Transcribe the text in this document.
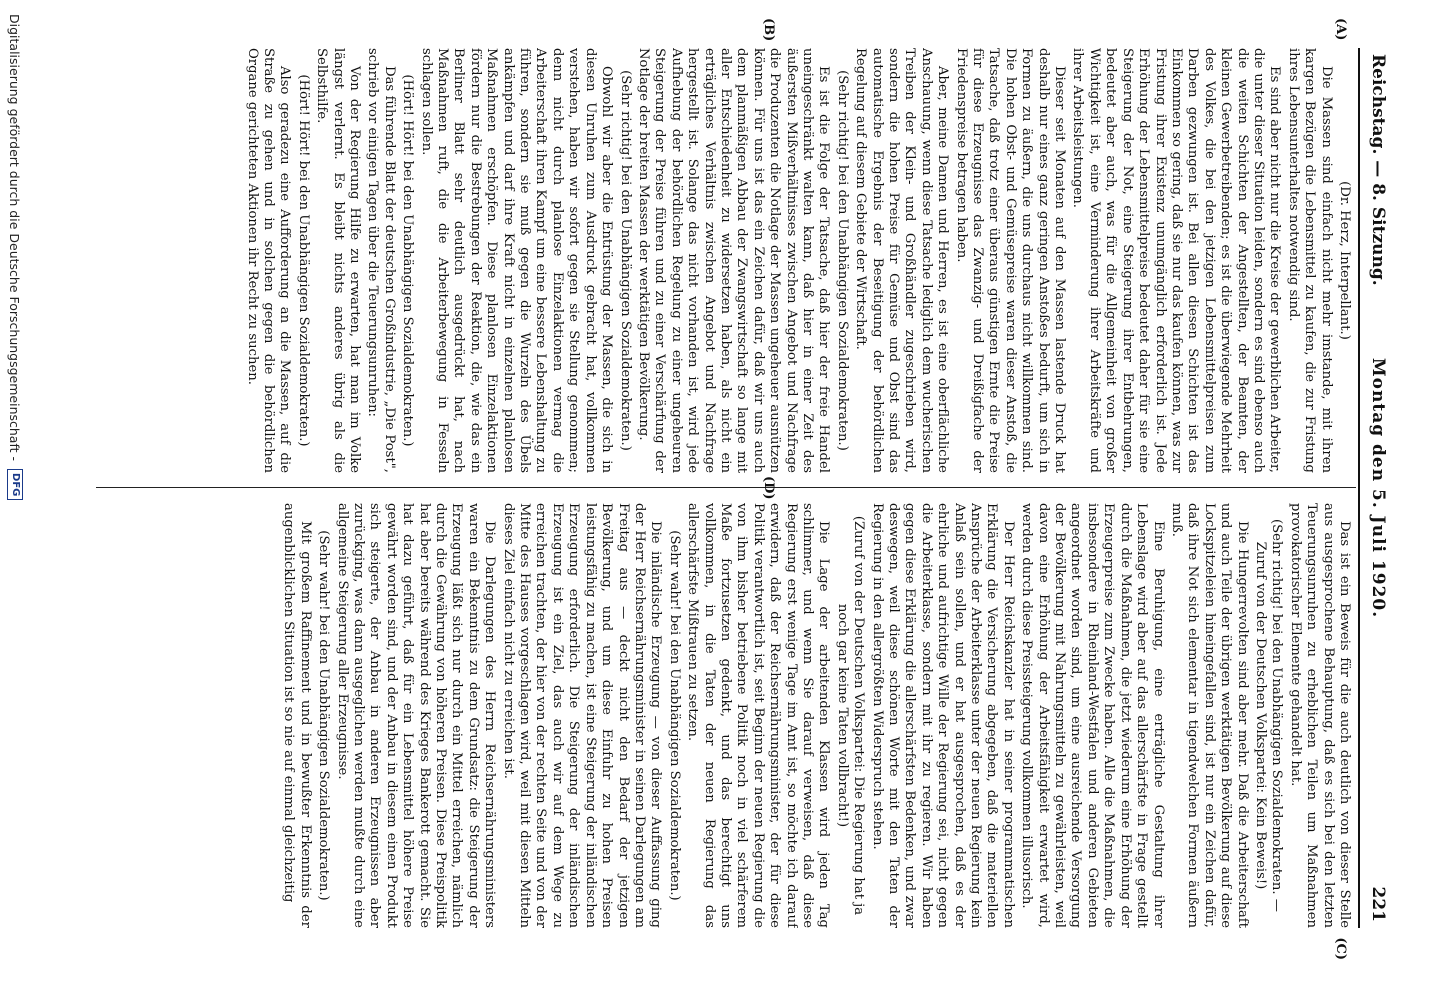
Reichstag. — 8. Sitzung.
Montag den 5. Juli 1920.
221

(Dr. Herz, Interpellant.)

Die Massen sind einfach nicht mehr imstande, mit ihren kargen Bezügen die Lebensmittel zu kaufen, die zur Fristung ihres Lebensunterhaltes notwendig sind.

Es sind aber nicht nur die Kreise der gewerblichen Arbeiter, die unter dieser Situation leiden, sondern es sind ebenso auch die weiten Schichten der Angestellten, der Beamten, der kleinen Gewerbetreibenden; es ist die überwiegende Mehrheit des Volkes, die bei den jetzigen Lebensmittelpreisen zum Darben gezwungen ist. Bei allen diesen Schichten ist das Einkommen so gering, daß sie nur das kaufen können, was zur Fristung ihrer Existenz unumgänglich erforderlich ist. Jede Erhöhung der Lebensmittelpreise bedeutet daher für sie eine Steigerung der Not, eine Steigerung ihrer Entbehrungen, bedeutet aber auch, was für die Allgemeinheit von großer Wichtigkeit ist, eine Verminderung ihrer Arbeitskräfte und ihrer Arbeitsleistungen.

Dieser seit Monaten auf den Massen lastende Druck hat deshalb nur eines ganz geringen Anstoßes bedurft, um sich in Formen zu äußern, die uns durchaus nicht willkommen sind. Die hohen Obst- und Gemüsepreise waren dieser Anstoß, die Tatsache, daß trotz einer überaus günstigen Ernte die Preise für diese Erzeugnisse das Zwanzig- und Dreißigfache der Friedenspreise betragen haben.

Aber, meine Damen und Herren, es ist eine oberflächliche Anschauung, wenn diese Tatsache lediglich dem wucherischen Treiben der Klein- und Großhändler zugeschrieben wird, sondern die hohen Preise für Gemüse und Obst sind das automatische Ergebnis der Beseitigung der behördlichen Regelung auf diesem Gebiete der Wirtschaft.

(Sehr richtig! bei den Unabhängigen Sozialdemokraten.)

Es ist die Folge der Tatsache, daß hier der freie Handel uneingeschränkt walten kann, daß hier in einer Zeit des äußersten Mißverhältnisses zwischen Angebot und Nachfrage die Produzenten die Notlage der Massen ungeheuer ausnützen können. Für uns ist das ein Zeichen dafür, daß wir uns auch dem planmäßigen Abbau der Zwangswirtschaft so lange mit aller Entschiedenheit zu widersetzen haben, als nicht ein erträgliches Verhältnis zwischen Angebot und Nachfrage hergestellt ist. Solange das nicht vorhanden ist, wird jede Aufhebung der behördlichen Regelung zu einer ungeheuren Steigerung der Preise führen und zu einer Verschärfung der Notlage der breiten Massen der werktätigen Bevölkerung.

(Sehr richtig! bei den Unabhängigen Sozialdemokraten.)

Obwohl wir aber die Entrüstung der Massen, die sich in diesen Unruhen zum Ausdruck gebracht hat, vollkommen verstehen, haben wir sofort gegen sie Stellung genommen; denn nicht durch planlose Einzelaktionen vermag die Arbeiterschaft ihren Kampf um eine bessere Lebenshaltung zu führen, sondern sie muß gegen die Wurzeln des Übels ankämpfen und darf ihre Kraft nicht in einzelnen planlosen Maßnahmen erschöpfen. Diese planlosen Einzelaktionen fördern nur die Bestrebungen der Reaktion, die, wie das ein Berliner Blatt sehr deutlich ausgedrückt hat, nach Maßnahmen ruft, die die Arbeiterbewegung in Fesseln schlagen sollen.

(Hört! Hört! bei den Unabhängigen Sozialdemokraten.)

Das führende Blatt der deutschen Großindustrie, „Die Post", schrieb vor einigen Tagen über die Teuerungsunruhen:

Von der Regierung Hilfe zu erwarten, hat man im Volke längst verlernt. Es bleibt nichts anderes übrig als die Selbsthilfe.

(Hört! Hört! bei den Unabhängigen Sozialdemokraten.)

Also geradezu eine Aufforderung an die Massen, auf die Straße zu gehen und in solchen gegen die behördlichen Organe gerichteten Aktionen ihr Recht zu suchen.

Das ist ein Beweis für die auch deutlich von dieser Stelle aus ausgesprochene Behauptung, daß es sich bei den letzten Teuerungsunruhen zu erheblichen Teilen um Maßnahmen provokatorischer Elemente gehandelt hat.

(Sehr richtig! bei den Unabhängigen Sozialdemokraten. — Zuruf von der Deutschen Volkspartei: Kein Beweis!)

Die Hungerrevolten sind aber mehr. Daß die Arbeiterschaft und auch Teile der übrigen werktätigen Bevölkerung auf diese Lockspitzeleien hineingefallen sind, ist nur ein Zeichen dafür, daß ihre Not sich elementar in tigendwelchen Formen äußern muß.

Eine Beruhigung, eine erträgliche Gestaltung ihrer Lebenslage wird aber auf das allerschärfste in Frage gestellt durch die Maßnahmen, die jetzt wiederum eine Erhöhung der Erzeugerpreise zum Zwecke haben. Alle die Maßnahmen, die insbesondere in Rheinland-Westfalen und anderen Gebieten angeordnet worden sind, um eine ausreichende Versorgung der Bevölkerung mit Nahrungsmitteln zu gewährleisten, weil davon eine Erhöhung der Arbeitsfähigkeit erwartet wird, werden durch diese Preissteigerung vollkommen illusorisch.

Der Herr Reichskanzler hat in seiner programmatischen Erklärung die Versicherung abgegeben, daß die materiellen Ansprüche der Arbeiterklasse unter der neuen Regierung kein Anlaß sein sollen, und er hat ausgesprochen, daß es der ehrliche und aufrichtige Wille der Regierung sei, nicht gegen die Arbeiterklasse, sondern mit ihr zu regieren. Wir haben gegen diese Erklärung die allerschärfsten Bedenken, und zwar deswegen, weil diese schönen Worte mit den Taten der Regierung in den allergrößten Widerspruch stehen.

(Zuruf von der Deutschen Volkspartei: Die Regierung hat ja noch gar keine Taten vollbracht!)

Die Lage der arbeitenden Klassen wird jeden Tag schlimmer, und wenn Sie darauf verweisen, daß diese Regierung erst wenige Tage im Amt ist, so möchte ich darauf erwidern, daß der Reichsernährungsminister, der für diese Politik verantwortlich ist, seit Beginn der neuen Regierung die von ihm bisher betriebene Politik noch in viel schärferem Maße fortzusetzen gedenkt, und das berechtigt uns vollkommen, in die Taten der neuen Regierung das allerschärfste Mißtrauen zu setzen.

(Sehr wahr! bei den Unabhängigen Sozialdemokraten.)

Die inländische Erzeugung — von dieser Auffassung ging der Herr Reichsernährungsminister in seinen Darlegungen am Freitag aus — deckt nicht den Bedarf der jetzigen Bevölkerung, und um diese Einfuhr zu hohen Preisen leistungsfähig zu machen, ist eine Steigerung der inländischen Erzeugung erforderlich. Die Steigerung der inländischen Erzeugung ist ein Ziel, das auch wir auf dem Wege zu erreichen trachten, der hier von der rechten Seite und von der Mitte des Hauses vorgeschlagen wird, weil mit diesen Mitteln dieses Ziel einfach nicht zu erreichen ist.

Die Darlegungen des Herrn Reichsernährungsministers waren ein Bekenntnis zu dem Grundsatz: die Steigerung der Erzeugung läßt sich nur durch ein Mittel erreichen, nämlich durch die Gewährung von höheren Preisen. Diese Preispolitik hat aber bereits während des Krieges Bankerott gemacht. Sie hat dazu geführt, daß für ein Lebensmittel höhere Preise gewährt worden sind, und der Anbau in diesem einen Produkt sich steigerte, der Anbau in anderen Erzeugnissen aber zurückging, was dann ausgeglichen werden mußte durch eine allgemeine Steigerung aller Erzeugnisse.

(Sehr wahr! bei den Unabhängigen Sozialdemokraten.)

Mit großem Raffinement und in bewußter Erkenntnis der augenblicklichen Situation ist so nie auf einmal gleichzeitig

(A)
(B)
(C)
(D)
Digitalisierung gefördert durch die Deutsche Forschungsgemeinschaft -
DFG
